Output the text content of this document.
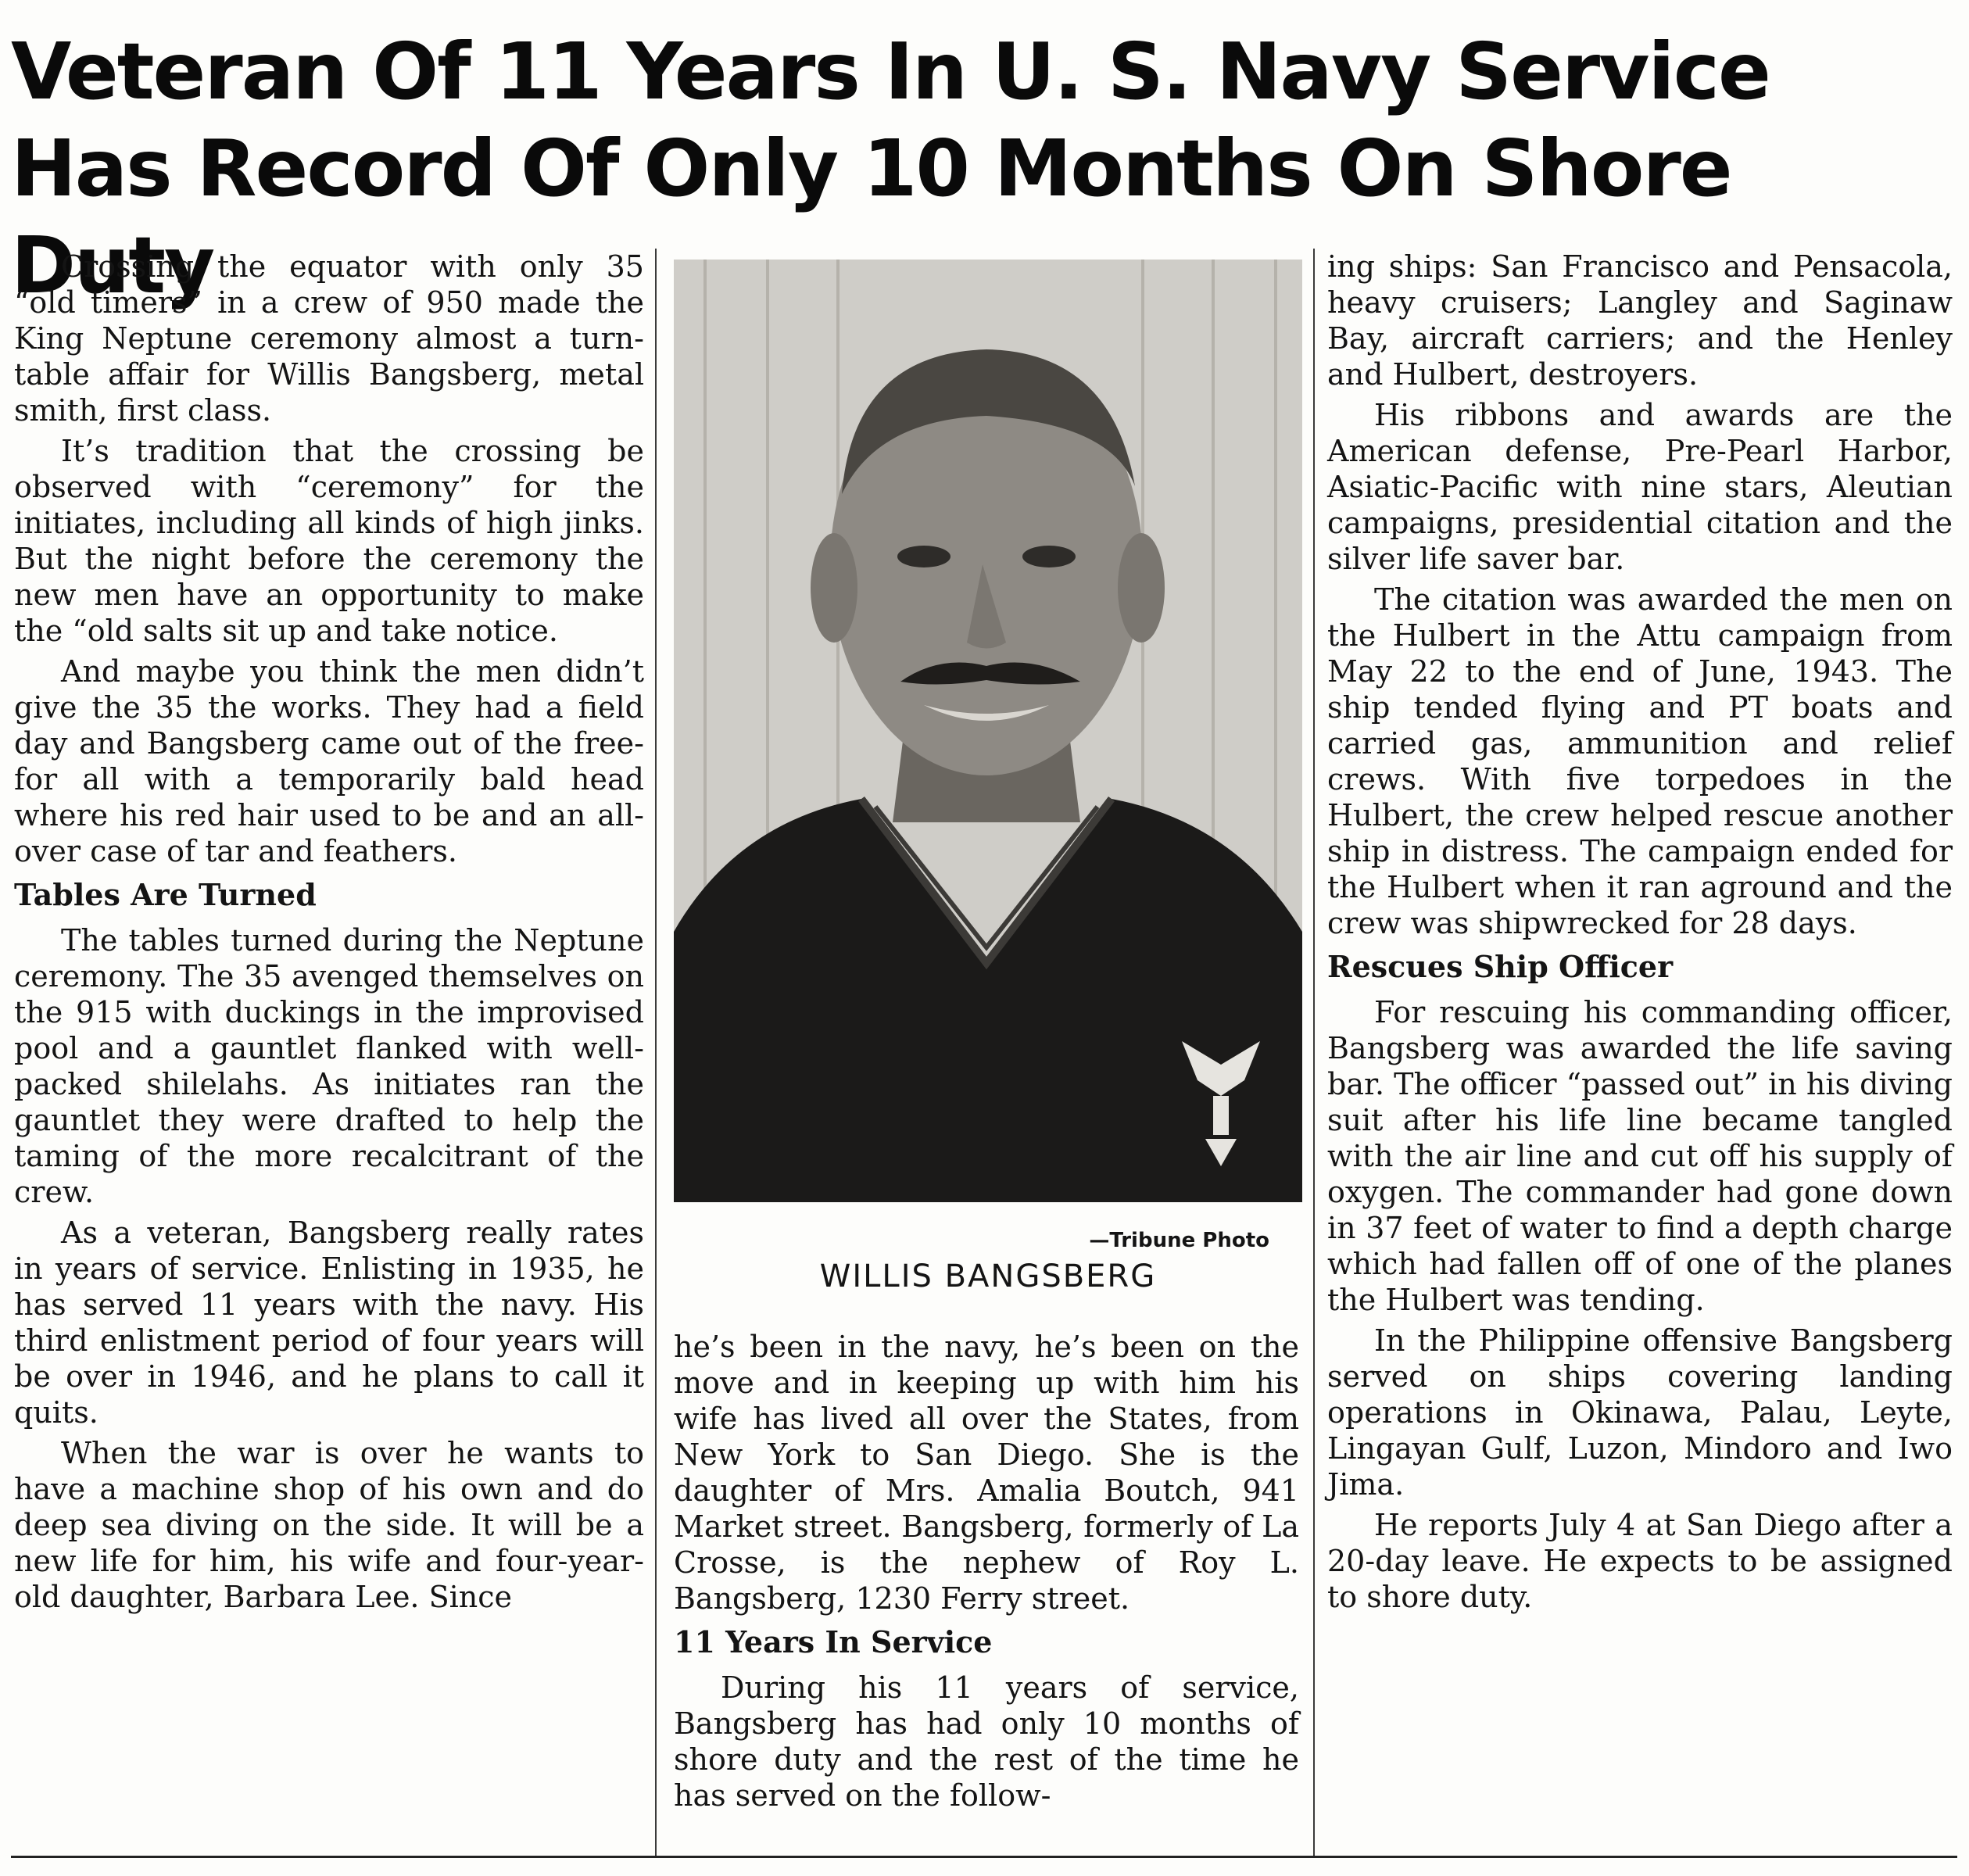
Veteran Of 11 Years In U. S. Navy Service
Has Record Of Only 10 Months On Shore Duty

Crossing the equator with only 35 “old timers” in a crew of 950 made the King Neptune ceremony almost a turn-table affair for Willis Bangsberg, metal smith, first class.

It’s tradition that the crossing be observed with “ceremony” for the initiates, including all kinds of high jinks. But the night before the ceremony the new men have an opportunity to make the “old salts sit up and take notice.

And maybe you think the men didn’t give the 35 the works. They had a field day and Bangsberg came out of the free-for all with a temporarily bald head where his red hair used to be and an all-over case of tar and feathers.

Tables Are Turned

The tables turned during the Neptune ceremony. The 35 avenged themselves on the 915 with duckings in the improvised pool and a gauntlet flanked with well-packed shilelahs. As initiates ran the gauntlet they were drafted to help the taming of the more recalcitrant of the crew.

As a veteran, Bangsberg really rates in years of service. Enlisting in 1935, he has served 11 years with the navy. His third enlistment period of four years will be over in 1946, and he plans to call it quits.

When the war is over he wants to have a machine shop of his own and do deep sea diving on the side. It will be a new life for him, his wife and four-year-old daughter, Barbara Lee. Since

—Tribune Photo
WILLIS BANGSBERG

he’s been in the navy, he’s been on the move and in keeping up with him his wife has lived all over the States, from New York to San Diego. She is the daughter of Mrs. Amalia Boutch, 941 Market street. Bangsberg, formerly of La Crosse, is the nephew of Roy L. Bangsberg, 1230 Ferry street.

11 Years In Service

During his 11 years of service, Bangsberg has had only 10 months of shore duty and the rest of the time he has served on the follow-

ing ships: San Francisco and Pensacola, heavy cruisers; Langley and Saginaw Bay, aircraft carriers; and the Henley and Hulbert, destroyers.

His ribbons and awards are the American defense, Pre-Pearl Harbor, Asiatic-Pacific with nine stars, Aleutian campaigns, presidential citation and the silver life saver bar.

The citation was awarded the men on the Hulbert in the Attu campaign from May 22 to the end of June, 1943. The ship tended flying and PT boats and carried gas, ammunition and relief crews. With five torpedoes in the Hulbert, the crew helped rescue another ship in distress. The campaign ended for the Hulbert when it ran aground and the crew was shipwrecked for 28 days.

Rescues Ship Officer

For rescuing his commanding officer, Bangsberg was awarded the life saving bar. The officer “passed out” in his diving suit after his life line became tangled with the air line and cut off his supply of oxygen. The commander had gone down in 37 feet of water to find a depth charge which had fallen off of one of the planes the Hulbert was tending.

In the Philippine offensive Bangsberg served on ships covering landing operations in Okinawa, Palau, Leyte, Lingayan Gulf, Luzon, Mindoro and Iwo Jima.

He reports July 4 at San Diego after a 20-day leave. He expects to be assigned to shore duty.
